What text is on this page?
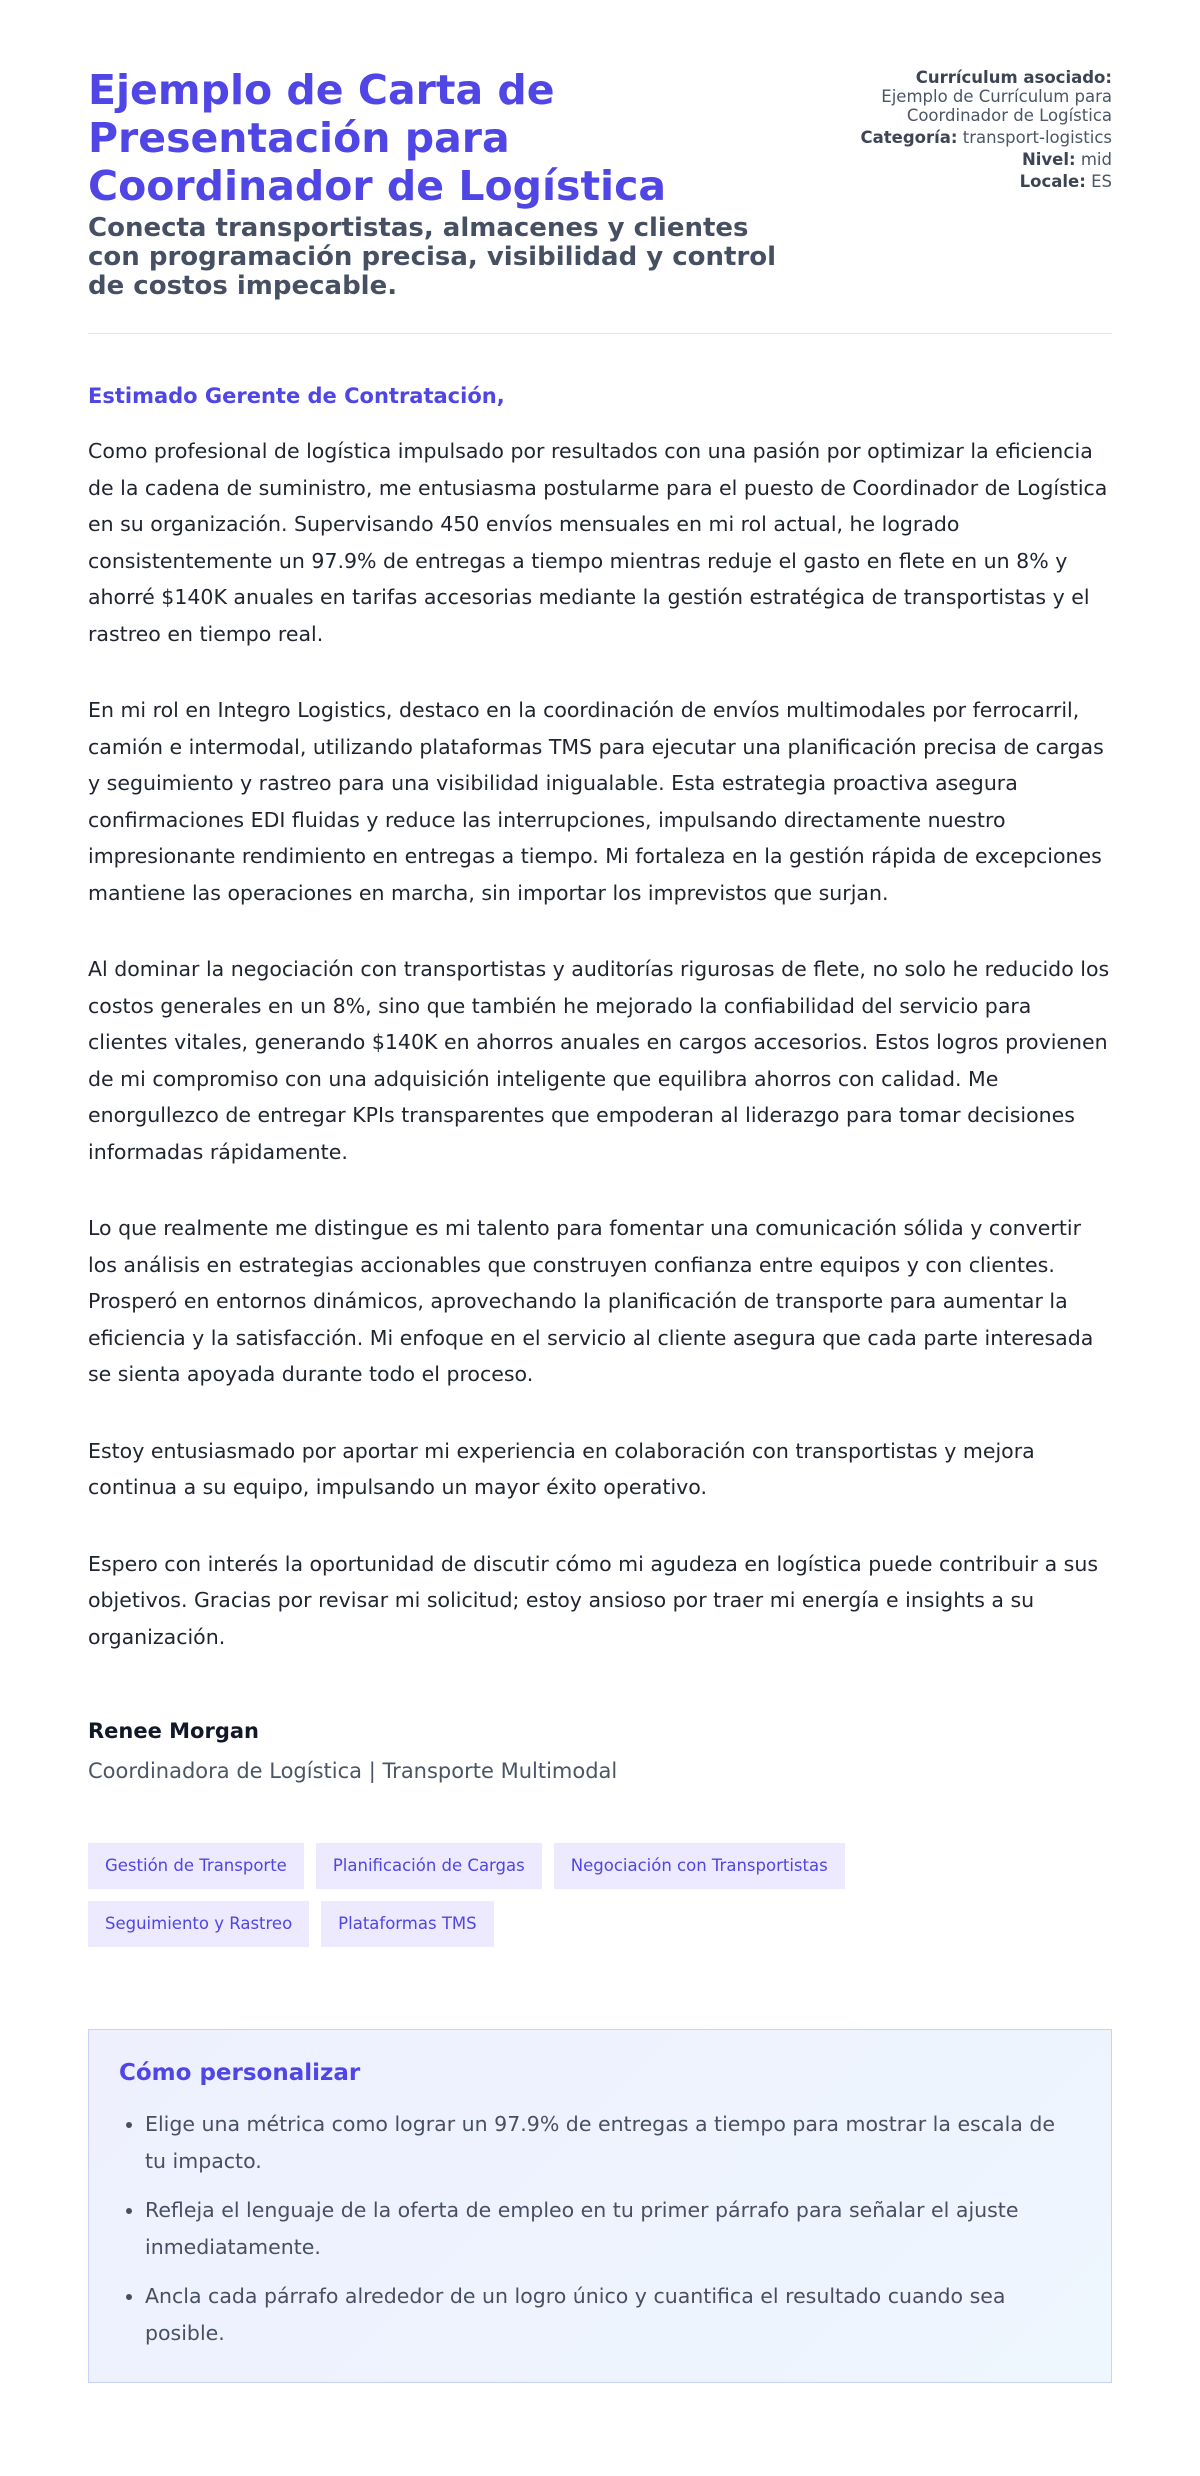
Ejemplo de Carta de Presentación para Coordinador de Logística
Conecta transportistas, almacenes y clientes con programación precisa, visibilidad y control de costos impecable.
Currículum asociado:
Ejemplo de Currículum para Coordinador de Logística
Categoría: transport-logistics
Nivel: mid
Locale: ES

Estimado Gerente de Contratación,

Como profesional de logística impulsado por resultados con una pasión por optimizar la eficiencia de la cadena de suministro, me entusiasma postularme para el puesto de Coordinador de Logística en su organización. Supervisando 450 envíos mensuales en mi rol actual, he logrado consistentemente un 97.9% de entregas a tiempo mientras reduje el gasto en flete en un 8% y ahorré $140K anuales en tarifas accesorias mediante la gestión estratégica de transportistas y el rastreo en tiempo real.

En mi rol en Integro Logistics, destaco en la coordinación de envíos multimodales por ferrocarril, camión e intermodal, utilizando plataformas TMS para ejecutar una planificación precisa de cargas y seguimiento y rastreo para una visibilidad inigualable. Esta estrategia proactiva asegura confirmaciones EDI fluidas y reduce las interrupciones, impulsando directamente nuestro impresionante rendimiento en entregas a tiempo. Mi fortaleza en la gestión rápida de excepciones mantiene las operaciones en marcha, sin importar los imprevistos que surjan.

Al dominar la negociación con transportistas y auditorías rigurosas de flete, no solo he reducido los costos generales en un 8%, sino que también he mejorado la confiabilidad del servicio para clientes vitales, generando $140K en ahorros anuales en cargos accesorios. Estos logros provienen de mi compromiso con una adquisición inteligente que equilibra ahorros con calidad. Me enorgullezco de entregar KPIs transparentes que empoderan al liderazgo para tomar decisiones informadas rápidamente.

Lo que realmente me distingue es mi talento para fomentar una comunicación sólida y convertir los análisis en estrategias accionables que construyen confianza entre equipos y con clientes. Prosperó en entornos dinámicos, aprovechando la planificación de transporte para aumentar la eficiencia y la satisfacción. Mi enfoque en el servicio al cliente asegura que cada parte interesada se sienta apoyada durante todo el proceso.

Estoy entusiasmado por aportar mi experiencia en colaboración con transportistas y mejora continua a su equipo, impulsando un mayor éxito operativo.

Espero con interés la oportunidad de discutir cómo mi agudeza en logística puede contribuir a sus objetivos. Gracias por revisar mi solicitud; estoy ansioso por traer mi energía e insights a su organización.

Renee Morgan
Coordinadora de Logística | Transporte Multimodal
Gestión de Transporte	Planificación de Cargas	Negociación con Transportistas
Seguimiento y Rastreo	Plataformas TMS
Cómo personalizar
• Elige una métrica como lograr un 97.9% de entregas a tiempo para mostrar la escala de tu impacto.
• Refleja el lenguaje de la oferta de empleo en tu primer párrafo para señalar el ajuste inmediatamente.
• Ancla cada párrafo alrededor de un logro único y cuantifica el resultado cuando sea posible.
